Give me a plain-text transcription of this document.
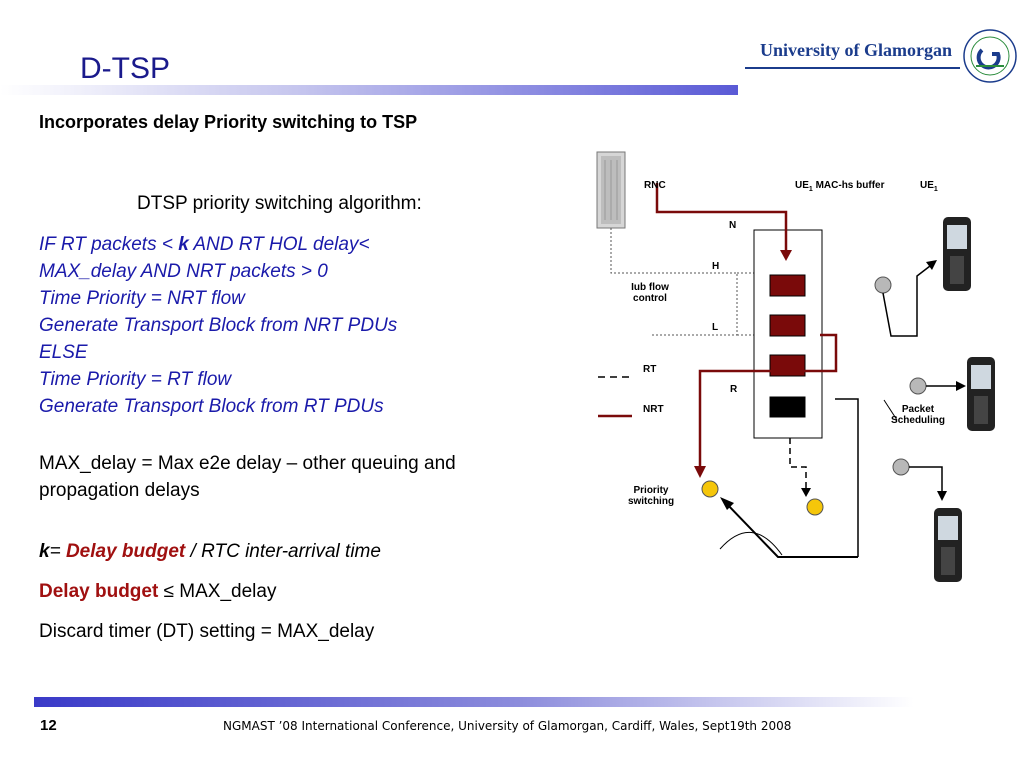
D-TSP
University of Glamorgan
Incorporates delay Priority switching to TSP
DTSP priority switching algorithm:
IF RT packets < k AND RT HOL delay<
MAX_delay AND NRT packets > 0
Time Priority = NRT flow
Generate Transport Block from NRT PDUs
ELSE
Time Priority = RT flow
Generate Transport Block from RT PDUs
MAX_delay = Max e2e delay – other queuing and
propagation delays
k= Delay budget / RTC inter-arrival time
Delay budget ≤ MAX_delay
Discard timer (DT) setting = MAX_delay
RNC	$UE_1$ MAC-hs buffer	$UE_1$
N
H
L
R
Iub flow
control
RT
NRT	Packet
Scheduling
Priority
switching
12	NGMAST ’08 International Conference, University of Glamorgan, Cardiff, Wales, Sept19th 2008
